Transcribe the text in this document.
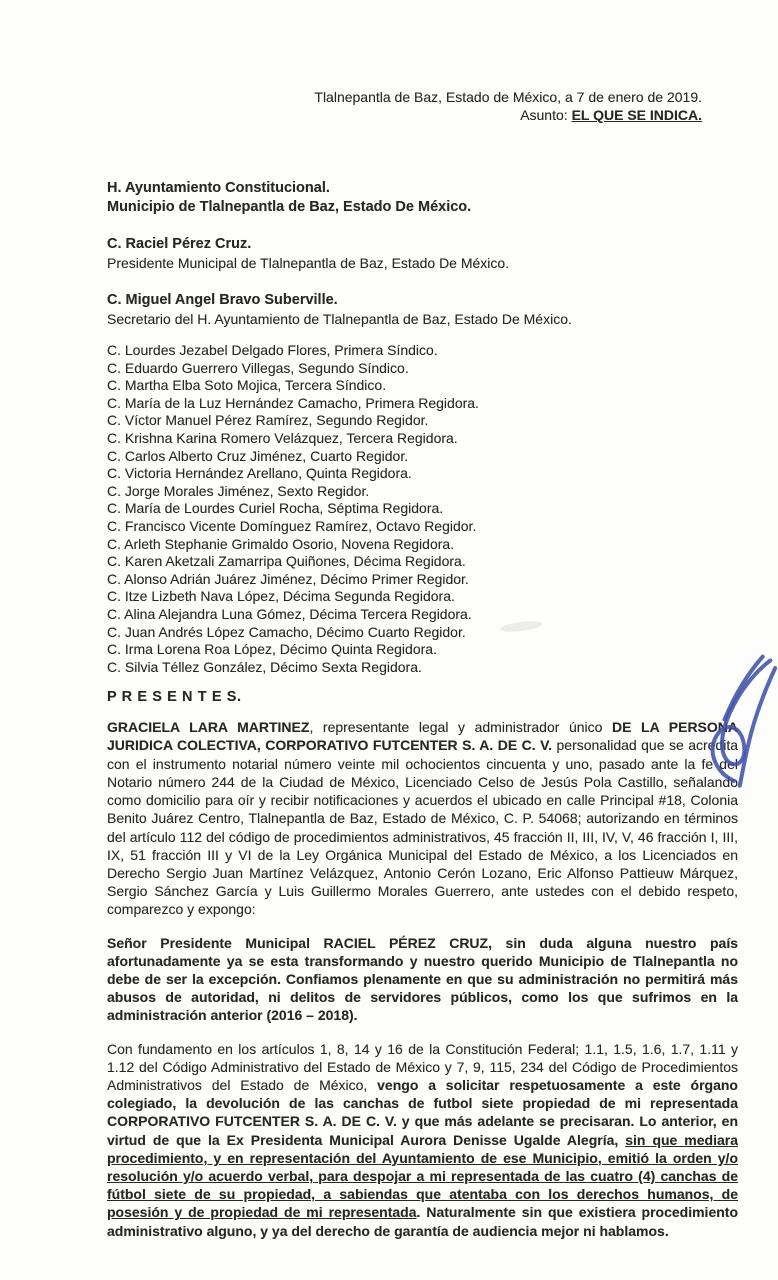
Tlalnepantla de Baz, Estado de México, a 7 de enero de 2019.
Asunto: EL QUE SE INDICA.
H. Ayuntamiento Constitucional.
Municipio de Tlalnepantla de Baz, Estado De México.
C. Raciel Pérez Cruz.
Presidente Municipal de Tlalnepantla de Baz, Estado De México.
C. Miguel Angel Bravo Suberville.
Secretario del H. Ayuntamiento de Tlalnepantla de Baz, Estado De México.
C. Lourdes Jezabel Delgado Flores, Primera Síndico.
C. Eduardo Guerrero Villegas, Segundo Síndico.
C. Martha Elba Soto Mojica, Tercera Síndico.
C. María de la Luz Hernández Camacho, Primera Regidora.
C. Víctor Manuel Pérez Ramírez, Segundo Regidor.
C. Krishna Karina Romero Velázquez, Tercera Regidora.
C. Carlos Alberto Cruz Jiménez, Cuarto Regidor.
C. Victoria Hernández Arellano, Quinta Regidora.
C. Jorge Morales Jiménez, Sexto Regidor.
C. María de Lourdes Curiel Rocha, Séptima Regidora.
C. Francisco Vicente Domínguez Ramírez, Octavo Regidor.
C. Arleth Stephanie Grimaldo Osorio, Novena Regidora.
C. Karen Aketzali Zamarripa Quiñones, Décima Regidora.
C. Alonso Adrián Juárez Jiménez, Décimo Primer Regidor.
C. Itze Lizbeth Nava López, Décima Segunda Regidora.
C. Alina Alejandra Luna Gómez, Décima Tercera Regidora.
C. Juan Andrés López Camacho, Décimo Cuarto Regidor.
C. Irma Lorena Roa López, Décimo Quinta Regidora.
C. Silvia Téllez González, Décimo Sexta Regidora.
P R E S E N T E S.

GRACIELA LARA MARTINEZ, representante legal y administrador único DE LA PERSONA JURIDICA COLECTIVA, CORPORATIVO FUTCENTER S. A. DE C. V. personalidad que se acredita con el instrumento notarial número veinte mil ochocientos cincuenta y uno, pasado ante la fe del Notario número 244 de la Ciudad de México, Licenciado Celso de Jesús Pola Castillo, señalando como domicilio para oír y recibir notificaciones y acuerdos el ubicado en calle Principal #18, Colonia Benito Juárez Centro, Tlalnepantla de Baz, Estado de México, C. P. 54068; autorizando en términos del artículo 112 del código de procedimientos administrativos, 45 fracción II, III, IV, V, 46 fracción I, III, IX, 51 fracción III y VI de la Ley Orgánica Municipal del Estado de México, a los Licenciados en Derecho Sergio Juan Martínez Velázquez, Antonio Cerón Lozano, Eric Alfonso Pattieuw Márquez, Sergio Sánchez García y Luis Guillermo Morales Guerrero, ante ustedes con el debido respeto, comparezco y expongo:

Señor Presidente Municipal RACIEL PÉREZ CRUZ, sin duda alguna nuestro país afortunadamente ya se esta transformando y nuestro querido Municipio de Tlalnepantla no debe de ser la excepción. Confiamos plenamente en que su administración no permitirá más abusos de autoridad, ni delitos de servidores públicos, como los que sufrimos en la administración anterior (2016 – 2018).

Con fundamento en los artículos 1, 8, 14 y 16 de la Constitución Federal; 1.1, 1.5, 1.6, 1.7, 1.11 y 1.12 del Código Administrativo del Estado de México y 7, 9, 115, 234 del Código de Procedimientos Administrativos del Estado de México, vengo a solicitar respetuosamente a este órgano colegiado, la devolución de las canchas de futbol siete propiedad de mi representada CORPORATIVO FUTCENTER S. A. DE C. V. y que más adelante se precisaran. Lo anterior, en virtud de que la Ex Presidenta Municipal Aurora Denisse Ugalde Alegría, sin que mediara procedimiento, y en representación del Ayuntamiento de ese Municipio, emitió la orden y/o resolución y/o acuerdo verbal, para despojar a mi representada de las cuatro (4) canchas de fútbol siete de su propiedad, a sabiendas que atentaba con los derechos humanos, de posesión y de propiedad de mi representada. Naturalmente sin que existiera procedimiento administrativo alguno, y ya del derecho de garantía de audiencia mejor ni hablamos.
